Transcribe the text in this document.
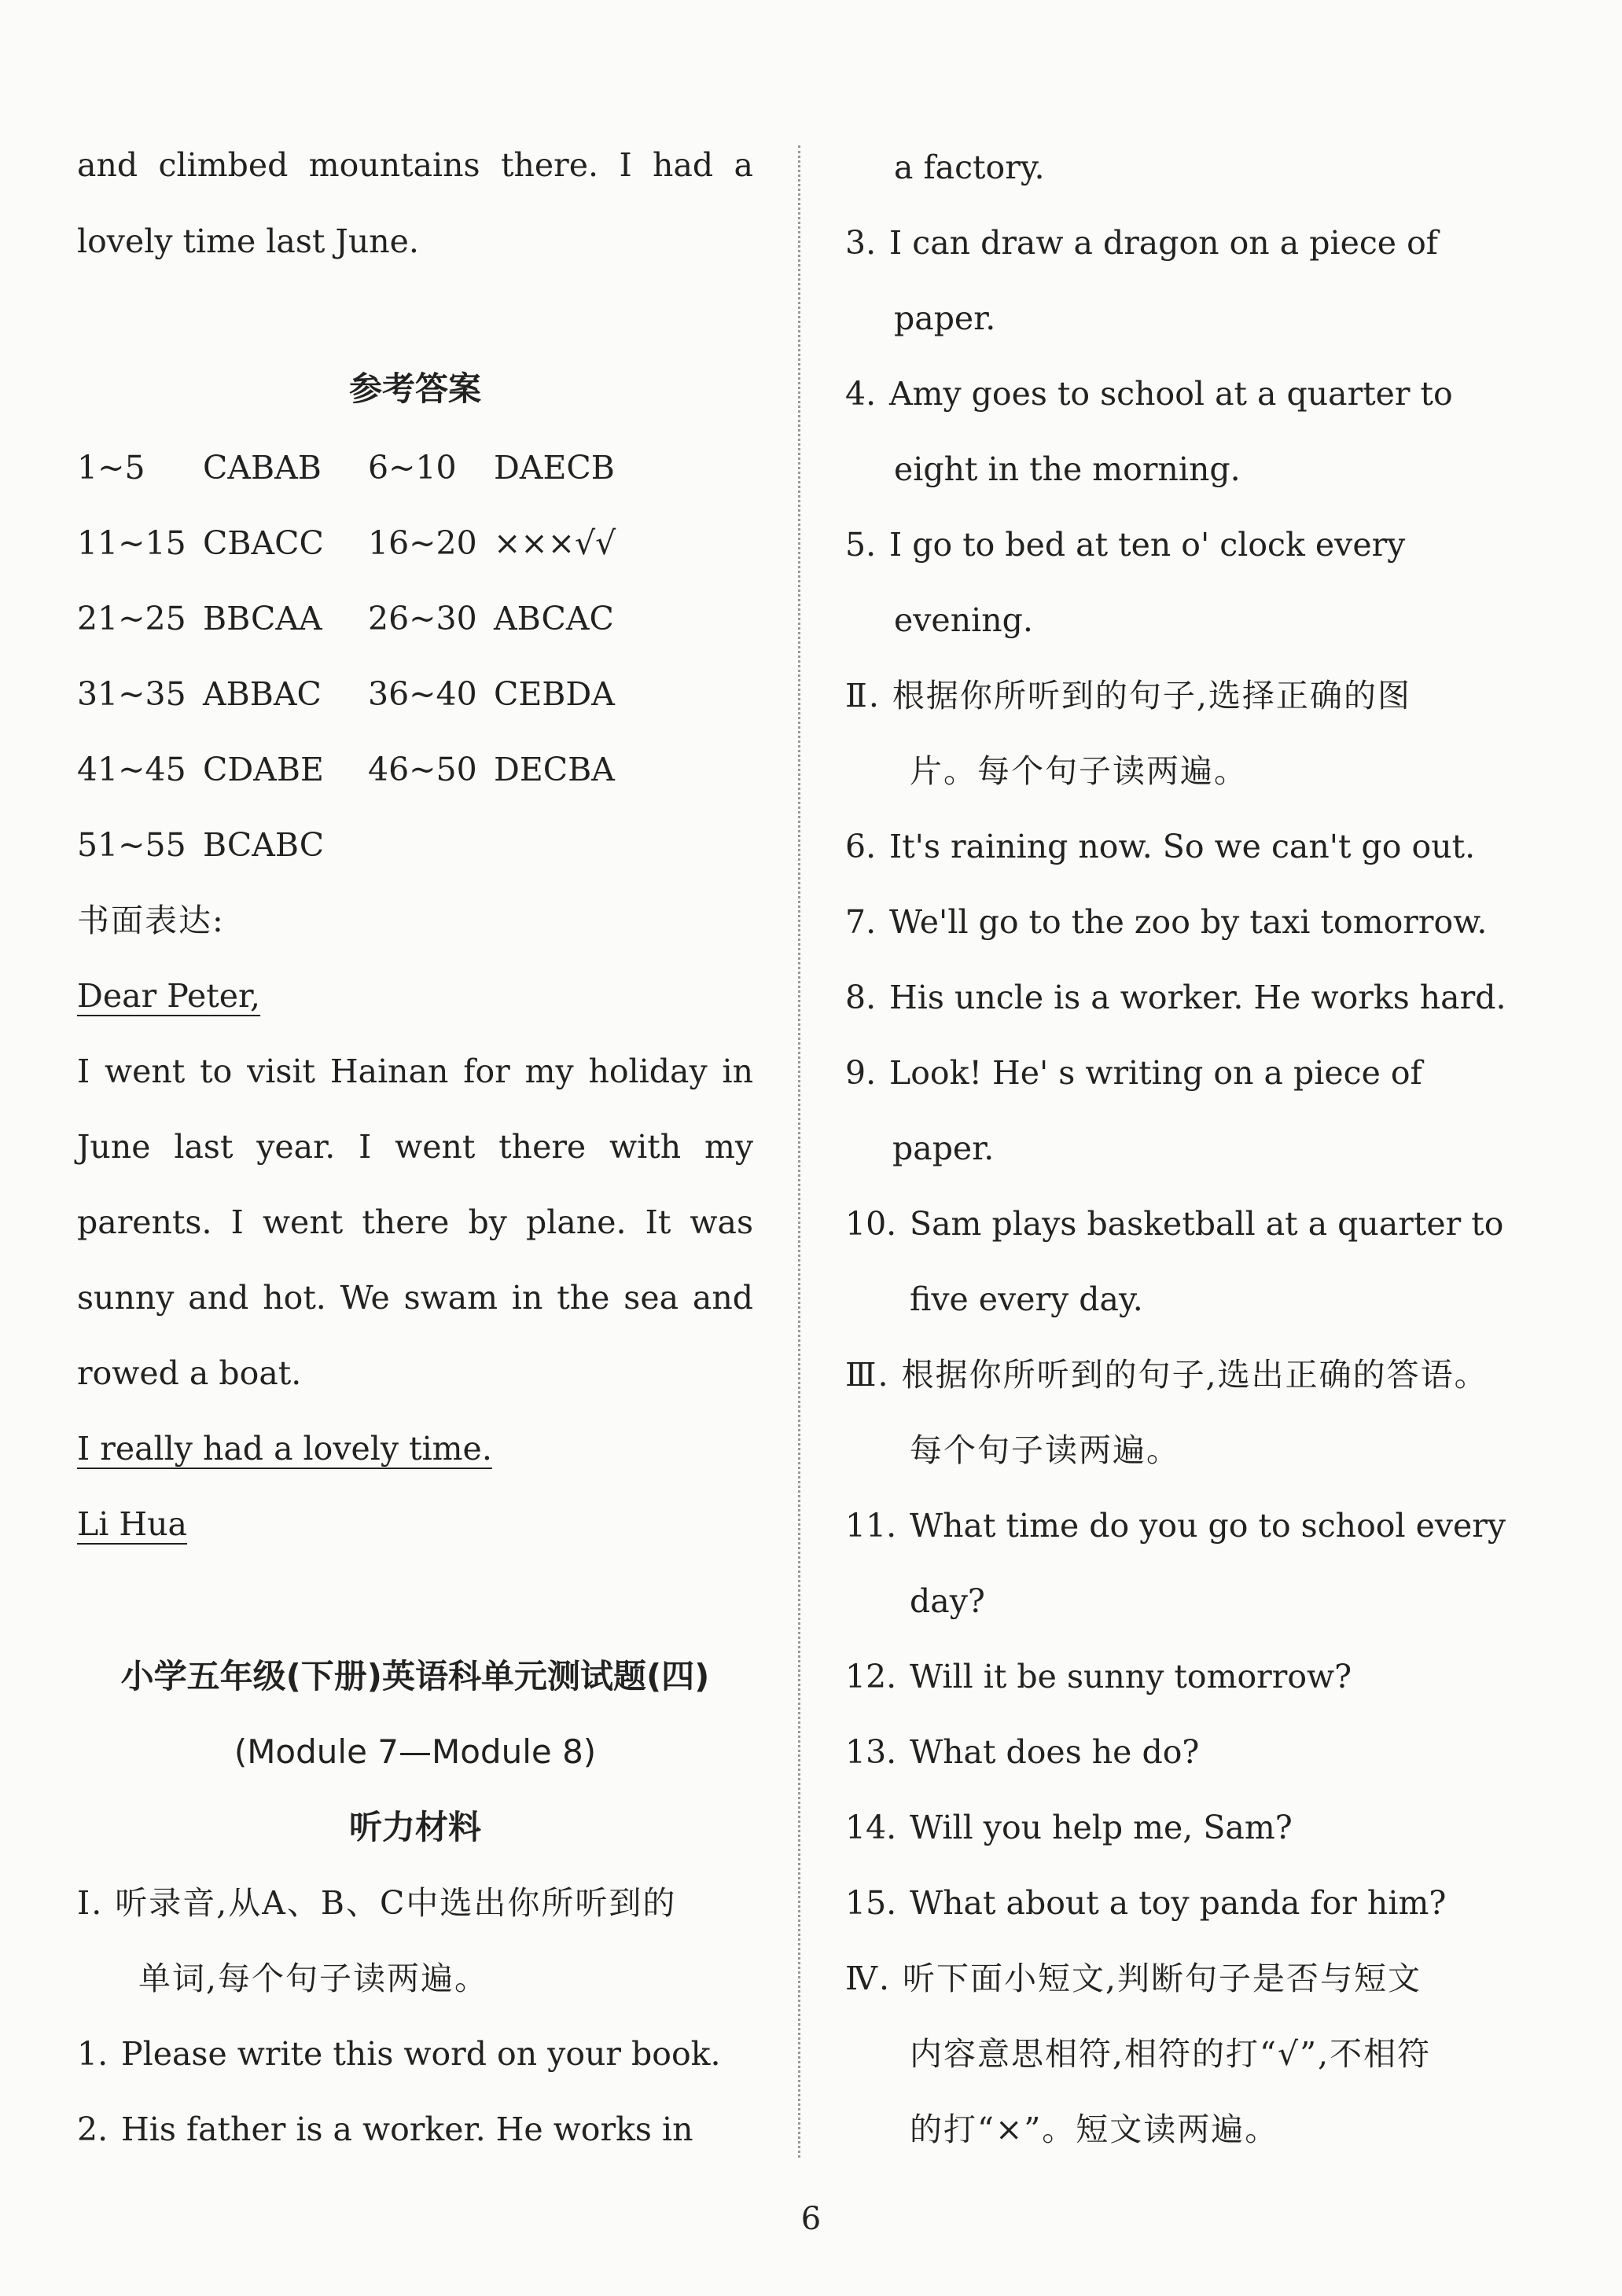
and climbed mountains there. I had a
lovely time last June.
参考答案
1~5	CABAB	6~10 DAECB
11~15 CBACC	16~20 ×××√√
21~25 BBCAA	26~30 ABCAC
31~35 ABBAC	36~40 CEBDA
41~45 CDABE	46~50 DECBA
51~55 BCABC
书面表达:
Dear Peter,
I went to visit Hainan for my holiday in
June last year. I went there with my
parents. I went there by plane. It was
sunny and hot. We swam in the sea and
rowed a boat.
I really had a lovely time.
Li Hua
小学五年级(下册)英语科单元测试题(四)
(Module 7—Module 8)
听力材料
Ⅰ. 听录音,从A、B、C中选出你所听到的
单词,每个句子读两遍。
1. Please write this word on your book.
2. His father is a worker. He works in
a factory.
3. I can draw a dragon on a piece of
paper.
4. Amy goes to school at a quarter to
eight in the morning.
5. I go to bed at ten o' clock every
evening.
Ⅱ. 根据你所听到的句子,选择正确的图
片。每个句子读两遍。
6. It's raining now. So we can't go out.
7. We'll go to the zoo by taxi tomorrow.
8. His uncle is a worker. He works hard.
9. Look! He' s writing on a piece of
paper.
10. Sam plays basketball at a quarter to
five every day.
Ⅲ. 根据你所听到的句子,选出正确的答语。
每个句子读两遍。
11. What time do you go to school every
day?
12. Will it be sunny tomorrow?
13. What does he do?
14. Will you help me, Sam?
15. What about a toy panda for him?
Ⅳ. 听下面小短文,判断句子是否与短文
内容意思相符,相符的打“√”,不相符
的打“×”。短文读两遍。
6
